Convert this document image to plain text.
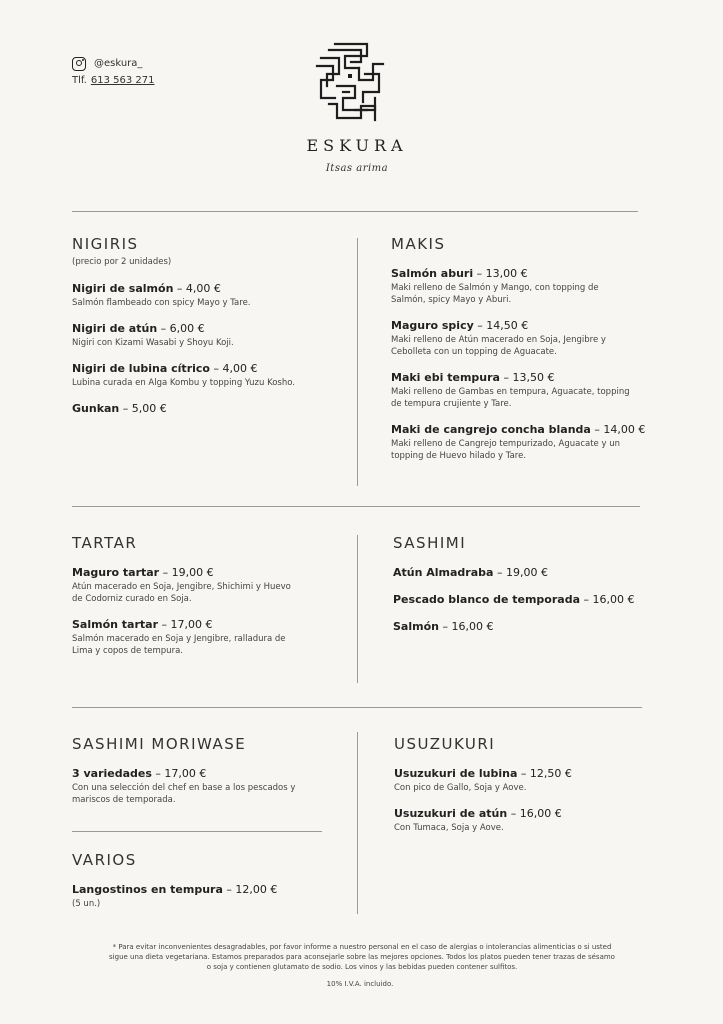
@eskura_
Tlf. 613 563 271
ESKURA
Itsas arima
NIGIRIS
(precio por 2 unidades)
Nigiri de salmón – 4,00 €
Salmón flambeado con spicy Mayo y Tare.
Nigiri de atún – 6,00 €
Nigiri con Kizami Wasabi y Shoyu Koji.
Nigiri de lubina cítrico – 4,00 €
Lubina curada en Alga Kombu y topping Yuzu Kosho.
Gunkan – 5,00 €
MAKIS
Salmón aburi – 13,00 €
Maki relleno de Salmón y Mango, con topping de
Salmón, spicy Mayo y Aburi.
Maguro spicy – 14,50 €
Maki relleno de Atún macerado en Soja, Jengibre y
Cebolleta con un topping de Aguacate.
Maki ebi tempura – 13,50 €
Maki relleno de Gambas en tempura, Aguacate, topping
de tempura crujiente y Tare.
Maki de cangrejo concha blanda – 14,00 €
Maki relleno de Cangrejo tempurizado, Aguacate y un
topping de Huevo hilado y Tare.
TARTAR
Maguro tartar – 19,00 €
Atún macerado en Soja, Jengibre, Shichimi y Huevo
de Codorniz curado en Soja.
Salmón tartar – 17,00 €
Salmón macerado en Soja y Jengibre, ralladura de
Lima y copos de tempura.
SASHIMI
Atún Almadraba – 19,00 €
Pescado blanco de temporada – 16,00 €
Salmón – 16,00 €
SASHIMI MORIWASE
3 variedades – 17,00 €
Con una selección del chef en base a los pescados y
mariscos de temporada.
USUZUKURI
Usuzukuri de lubina – 12,50 €
Con pico de Gallo, Soja y Aove.
Usuzukuri de atún – 16,00 €
Con Tumaca, Soja y Aove.
VARIOS
Langostinos en tempura – 12,00 €
(5 un.)
* Para evitar inconvenientes desagradables, por favor informe a nuestro personal en el caso de alergias o intolerancias alimenticias o si usted
sigue una dieta vegetariana. Estamos preparados para aconsejarle sobre las mejores opciones. Todos los platos pueden tener trazas de sésamo
o soja y contienen glutamato de sodio. Los vinos y las bebidas pueden contener sulfitos.
10% I.V.A. incluido.
